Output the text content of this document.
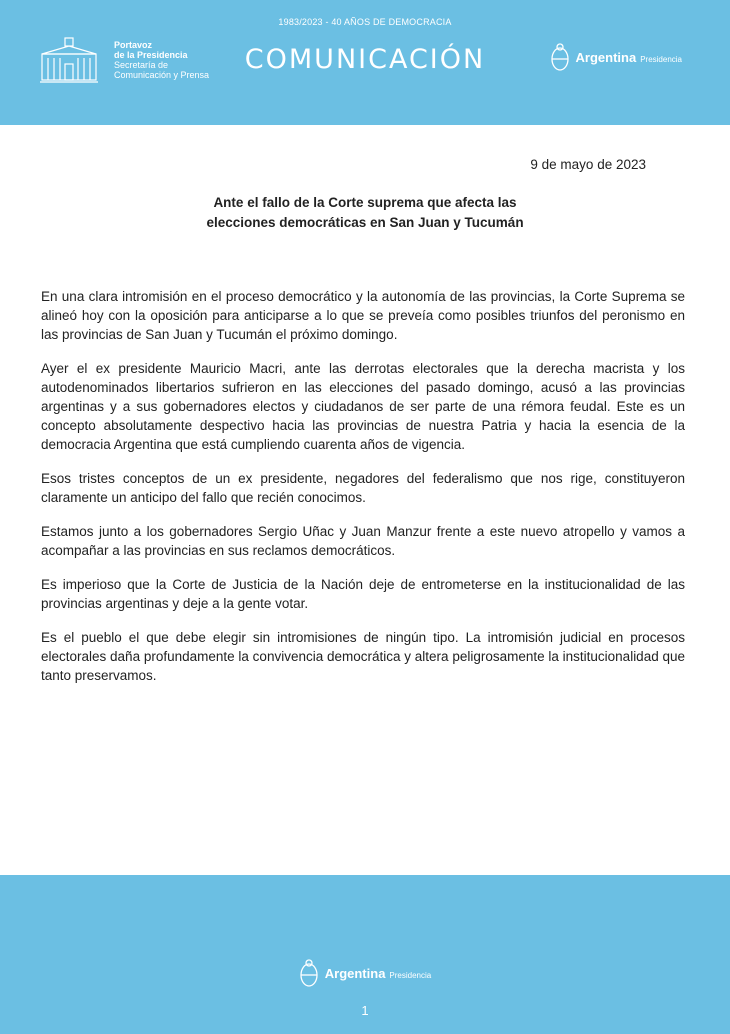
1983/2023 - 40 AÑOS DE DEMOCRACIA
Portavoz
de la Presidencia
Secretaría de
Comunicación y Prensa	COMUNICACIÓN	Argentina Presidencia
9 de mayo de 2023
Ante el fallo de la Corte suprema que afecta las
elecciones democráticas en San Juan y Tucumán

En una clara intromisión en el proceso democrático y la autonomía de las provincias, la Corte Suprema se alineó hoy con la oposición para anticiparse a lo que se preveía como posibles triunfos del peronismo en las provincias de San Juan y Tucumán el próximo domingo.

Ayer el ex presidente Mauricio Macri, ante las derrotas electorales que la derecha macrista y los autodenominados libertarios sufrieron en las elecciones del pasado domingo, acusó a las provincias argentinas y a sus gobernadores electos y ciudadanos de ser parte de una rémora feudal. Este es un concepto absolutamente despectivo hacia las provincias de nuestra Patria y hacia la esencia de la democracia Argentina que está cumpliendo cuarenta años de vigencia.

Esos tristes conceptos de un ex presidente, negadores del federalismo que nos rige, constituyeron claramente un anticipo del fallo que recién conocimos.

Estamos junto a los gobernadores Sergio Uñac y Juan Manzur frente a este nuevo atropello y vamos a acompañar a las provincias en sus reclamos democráticos.

Es imperioso que la Corte de Justicia de la Nación deje de entrometerse en la institucionalidad de las provincias argentinas y deje a la gente votar.

Es el pueblo el que debe elegir sin intromisiones de ningún tipo. La intromisión judicial en procesos electorales daña profundamente la convivencia democrática y altera peligrosamente la institucionalidad que tanto preservamos.

Argentina Presidencia
1
